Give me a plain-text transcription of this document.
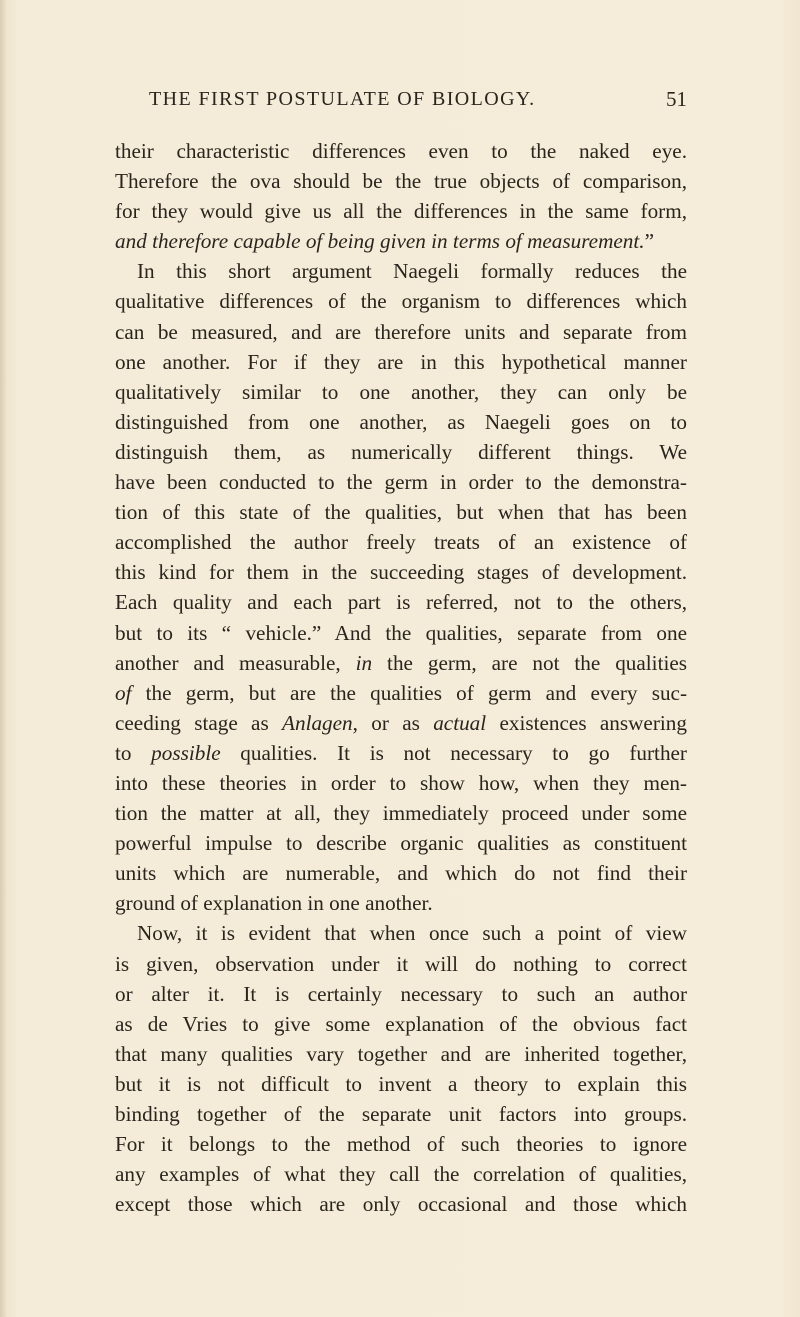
THE FIRST POSTULATE OF BIOLOGY.	51
their characteristic differences even to the naked eye.
Therefore the ova should be the true objects of comparison,
for they would give us all the differences in the same form,
and therefore capable of being given in terms of measurement.”
In this short argument Naegeli formally reduces the
qualitative differences of the organism to differences which
can be measured, and are therefore units and separate from
one another. For if they are in this hypothetical manner
qualitatively similar to one another, they can only be
distinguished from one another, as Naegeli goes on to
distinguish them, as numerically different things. We
have been conducted to the germ in order to the demonstra-
tion of this state of the qualities, but when that has been
accomplished the author freely treats of an existence of
this kind for them in the succeeding stages of development.
Each quality and each part is referred, not to the others,
but to its “ vehicle.” And the qualities, separate from one
another and measurable, in the germ, are not the qualities
of the germ, but are the qualities of germ and every suc-
ceeding stage as Anlagen, or as actual existences answering
to possible qualities. It is not necessary to go further
into these theories in order to show how, when they men-
tion the matter at all, they immediately proceed under some
powerful impulse to describe organic qualities as constituent
units which are numerable, and which do not find their
ground of explanation in one another.
Now, it is evident that when once such a point of view
is given, observation under it will do nothing to correct
or alter it. It is certainly necessary to such an author
as de Vries to give some explanation of the obvious fact
that many qualities vary together and are inherited together,
but it is not difficult to invent a theory to explain this
binding together of the separate unit factors into groups.
For it belongs to the method of such theories to ignore
any examples of what they call the correlation of qualities,
except those which are only occasional and those which
